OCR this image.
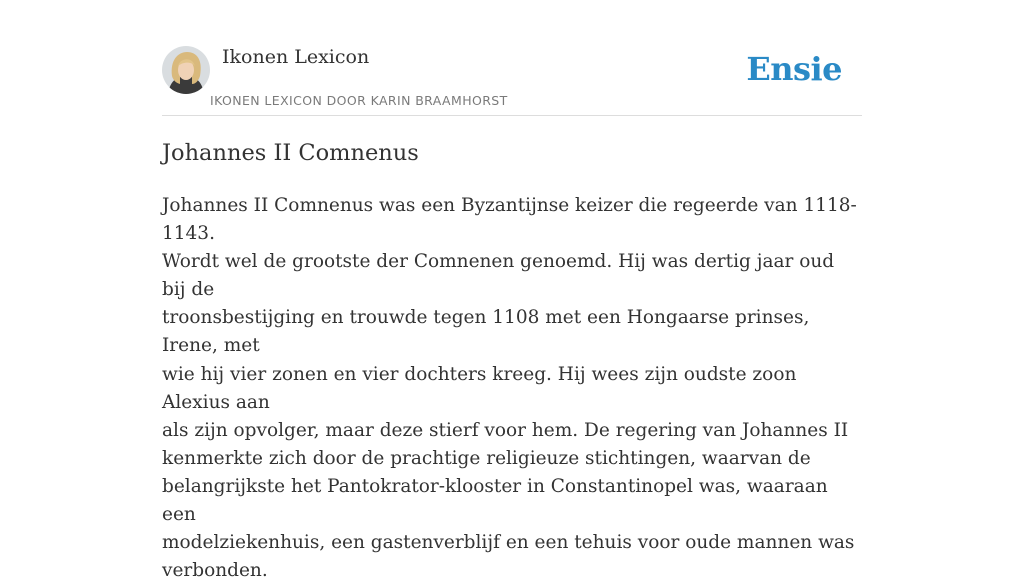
Ikonen Lexicon
IKONEN LEXICON DOOR KARIN BRAAMHORST
Ensie
Johannes II Comnenus
Johannes II Comnenus was een Byzantijnse keizer die regeerde van 1118-1143.
Wordt wel de grootste der Comnenen genoemd. Hij was dertig jaar oud bij de
troonsbestijging en trouwde tegen 1108 met een Hongaarse prinses, Irene, met
wie hij vier zonen en vier dochters kreeg. Hij wees zijn oudste zoon Alexius aan
als zijn opvolger, maar deze stierf voor hem. De regering van Johannes II
kenmerkte zich door de prachtige religieuze stichtingen, waarvan de
belangrijkste het Pantokrator-klooster in Constantinopel was, waaraan een
modelziekenhuis, een gastenverblijf en een tehuis voor oude mannen was
verbonden.
